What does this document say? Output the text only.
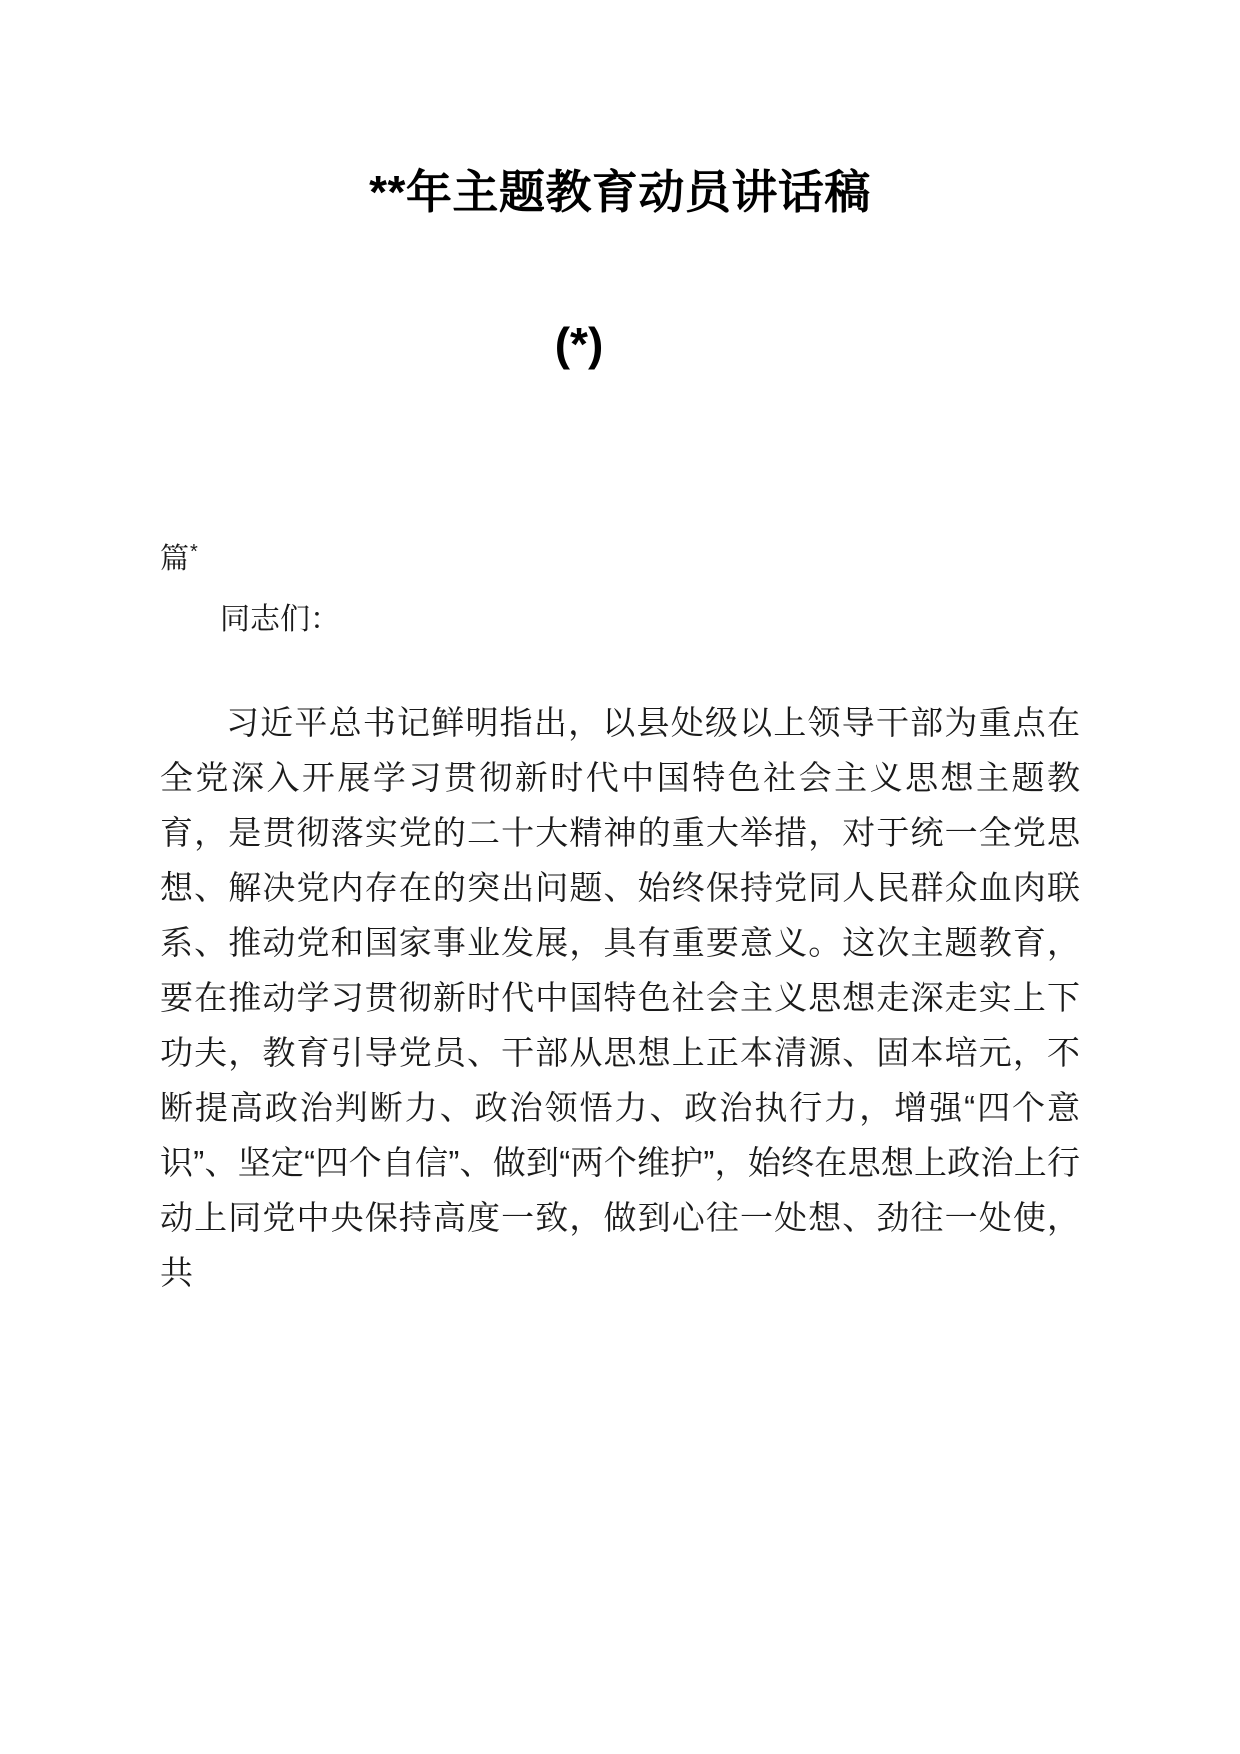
**年主题教育动员讲话稿
(*)

篇*

同志们：

习近平总书记鲜明指出，以县处级以上领导干部为重点在全党深入开展学习贯彻新时代中国特色社会主义思想主题教育，是贯彻落实党的二十大精神的重大举措，对于统一全党思想、解决党内存在的突出问题、始终保持党同人民群众血肉联系、推动党和国家事业发展，具有重要意义。这次主题教育，要在推动学习贯彻新时代中国特色社会主义思想走深走实上下功夫，教育引导党员、干部从思想上正本清源、固本培元，不断提高政治判断力、政治领悟力、政治执行力，增强“四个意识”、坚定“四个自信”、做到“两个维护”，始终在思想上政治上行动上同党中央保持高度一致，做到心往一处想、劲往一处使，共
